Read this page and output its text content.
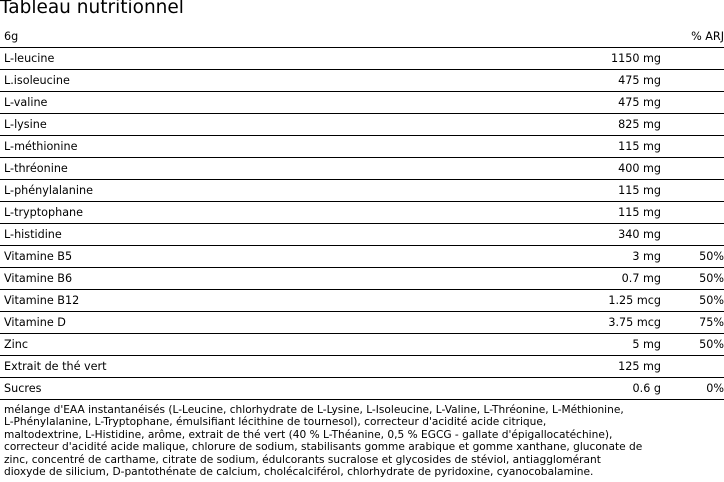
Tableau nutritionnel
6g		% ARJ
L-leucine	1150 mg	
L.isoleucine	475 mg	
L-valine	475 mg	
L-lysine	825 mg	
L-méthionine	115 mg	
L-thréonine	400 mg	
L-phénylalanine	115 mg	
L-tryptophane	115 mg	
L-histidine	340 mg	
Vitamine B5	3 mg	50%
Vitamine B6	0.7 mg	50%
Vitamine B12	1.25 mcg	50%
Vitamine D	3.75 mcg	75%
Zinc	5 mg	50%
Extrait de thé vert	125 mg	
Sucres	0.6 g	0%
mélange d'EAA instantanéisés (L-Leucine, chlorhydrate de L-Lysine, L-Isoleucine, L-Valine, L-Thréonine, L-Méthionine,
L-Phénylalanine, L-Tryptophane, émulsifiant lécithine de tournesol), correcteur d'acidité acide citrique,
maltodextrine, L-Histidine, arôme, extrait de thé vert (40 % L-Théanine, 0,5 % EGCG - gallate d'épigallocatéchine),
correcteur d'acidité acide malique, chlorure de sodium, stabilisants gomme arabique et gomme xanthane, gluconate de
zinc, concentré de carthame, citrate de sodium, édulcorants sucralose et glycosides de stéviol, antiagglomérant
dioxyde de silicium, D-pantothénate de calcium, cholécalciférol, chlorhydrate de pyridoxine, cyanocobalamine.
